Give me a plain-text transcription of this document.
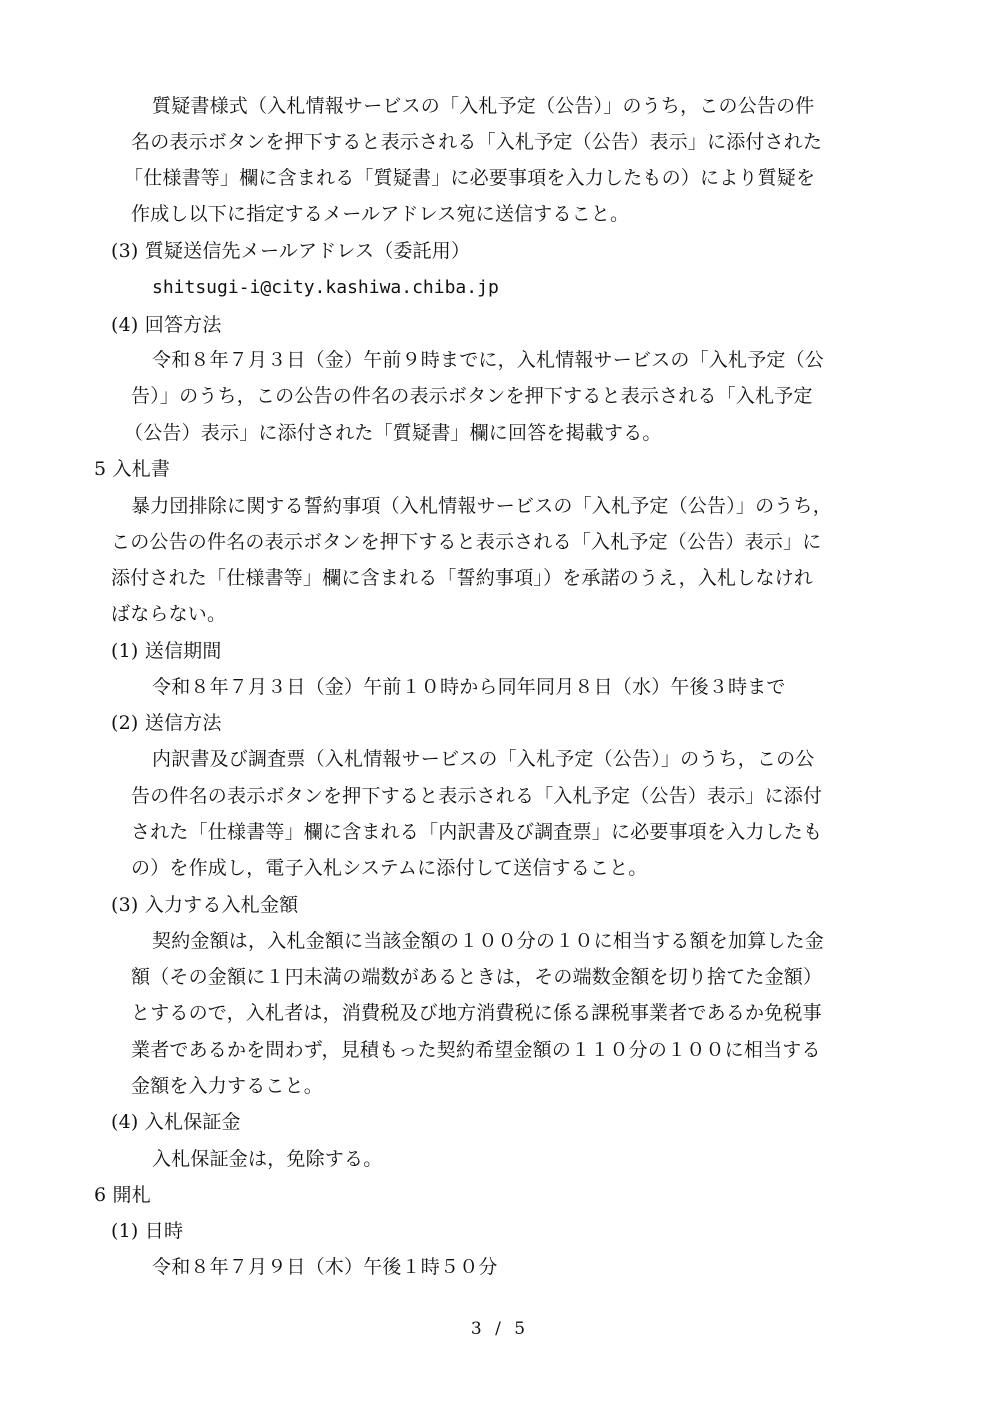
質疑書様式（入札情報サービスの「入札予定（公告）」のうち，この公告の件
名の表示ボタンを押下すると表示される「入札予定（公告）表示」に添付された
「仕様書等」欄に含まれる「質疑書」に必要事項を入力したもの）により質疑を
作成し以下に指定するメールアドレス宛に送信すること。
(3) 質疑送信先メールアドレス（委託用）
shitsugi-i@city.kashiwa.chiba.jp
(4) 回答方法
令和８年７月３日（金）午前９時までに，入札情報サービスの「入札予定（公
告）」のうち，この公告の件名の表示ボタンを押下すると表示される「入札予定
（公告）表示」に添付された「質疑書」欄に回答を掲載する。
5 入札書
暴力団排除に関する誓約事項（入札情報サービスの「入札予定（公告）」のうち，
この公告の件名の表示ボタンを押下すると表示される「入札予定（公告）表示」に
添付された「仕様書等」欄に含まれる「誓約事項」）を承諾のうえ，入札しなけれ
ばならない。
(1) 送信期間
令和８年７月３日（金）午前１０時から同年同月８日（水）午後３時まで
(2) 送信方法
内訳書及び調査票（入札情報サービスの「入札予定（公告）」のうち，この公
告の件名の表示ボタンを押下すると表示される「入札予定（公告）表示」に添付
された「仕様書等」欄に含まれる「内訳書及び調査票」に必要事項を入力したも
の）を作成し，電子入札システムに添付して送信すること。
(3) 入力する入札金額
契約金額は，入札金額に当該金額の１００分の１０に相当する額を加算した金
額（その金額に１円未満の端数があるときは，その端数金額を切り捨てた金額）
とするので，入札者は，消費税及び地方消費税に係る課税事業者であるか免税事
業者であるかを問わず，見積もった契約希望金額の１１０分の１００に相当する
金額を入力すること。
(4) 入札保証金
入札保証金は，免除する。
6 開札
(1) 日時
令和８年７月９日（木）午後１時５０分
3 / 5
